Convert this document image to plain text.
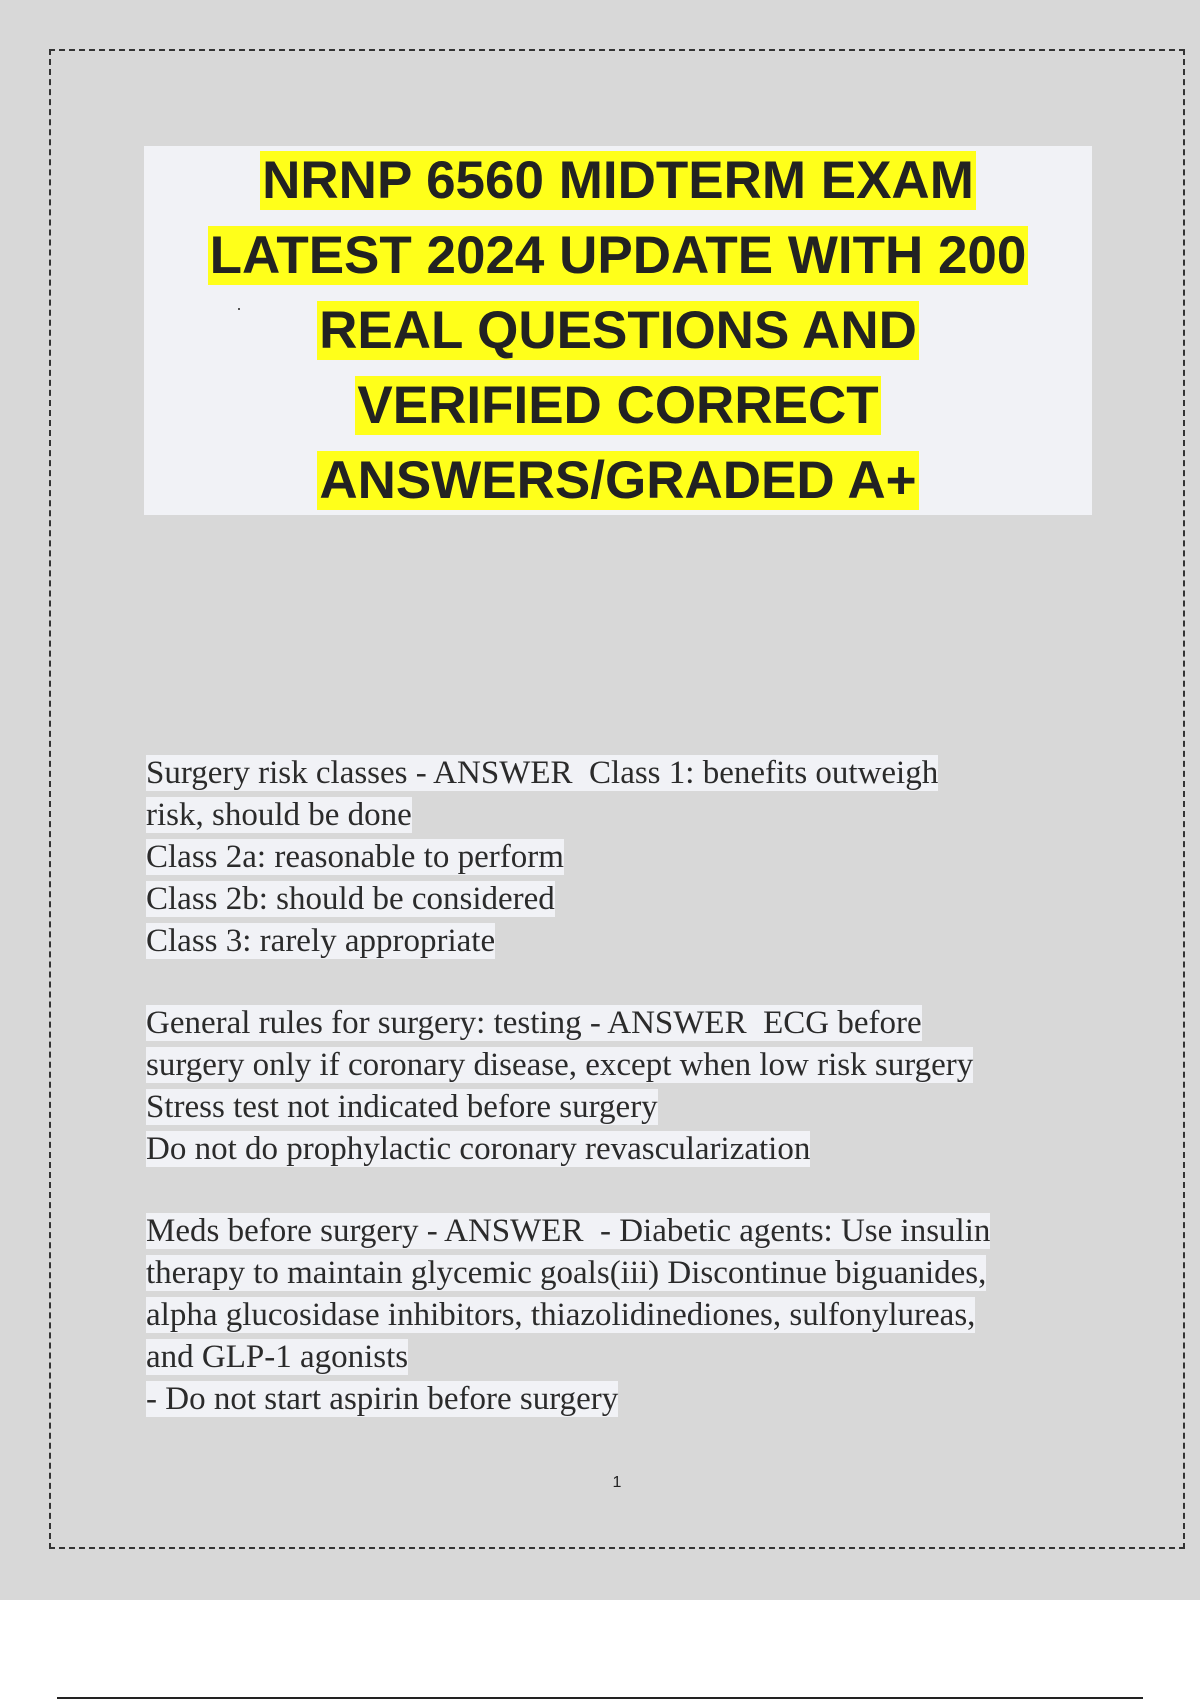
NRNP 6560 MIDTERM EXAM
LATEST 2024 UPDATE WITH 200
REAL QUESTIONS AND
VERIFIED CORRECT
ANSWERS/GRADED A+
Surgery risk classes - ANSWER  Class 1: benefits outweigh
risk, should be done
Class 2a: reasonable to perform
Class 2b: should be considered
Class 3: rarely appropriate
General rules for surgery: testing - ANSWER  ECG before
surgery only if coronary disease, except when low risk surgery
Stress test not indicated before surgery
Do not do prophylactic coronary revascularization
Meds before surgery - ANSWER  - Diabetic agents: Use insulin
therapy to maintain glycemic goals(iii) Discontinue biguanides,
alpha glucosidase inhibitors, thiazolidinediones, sulfonylureas,
and GLP-1 agonists
- Do not start aspirin before surgery
1
